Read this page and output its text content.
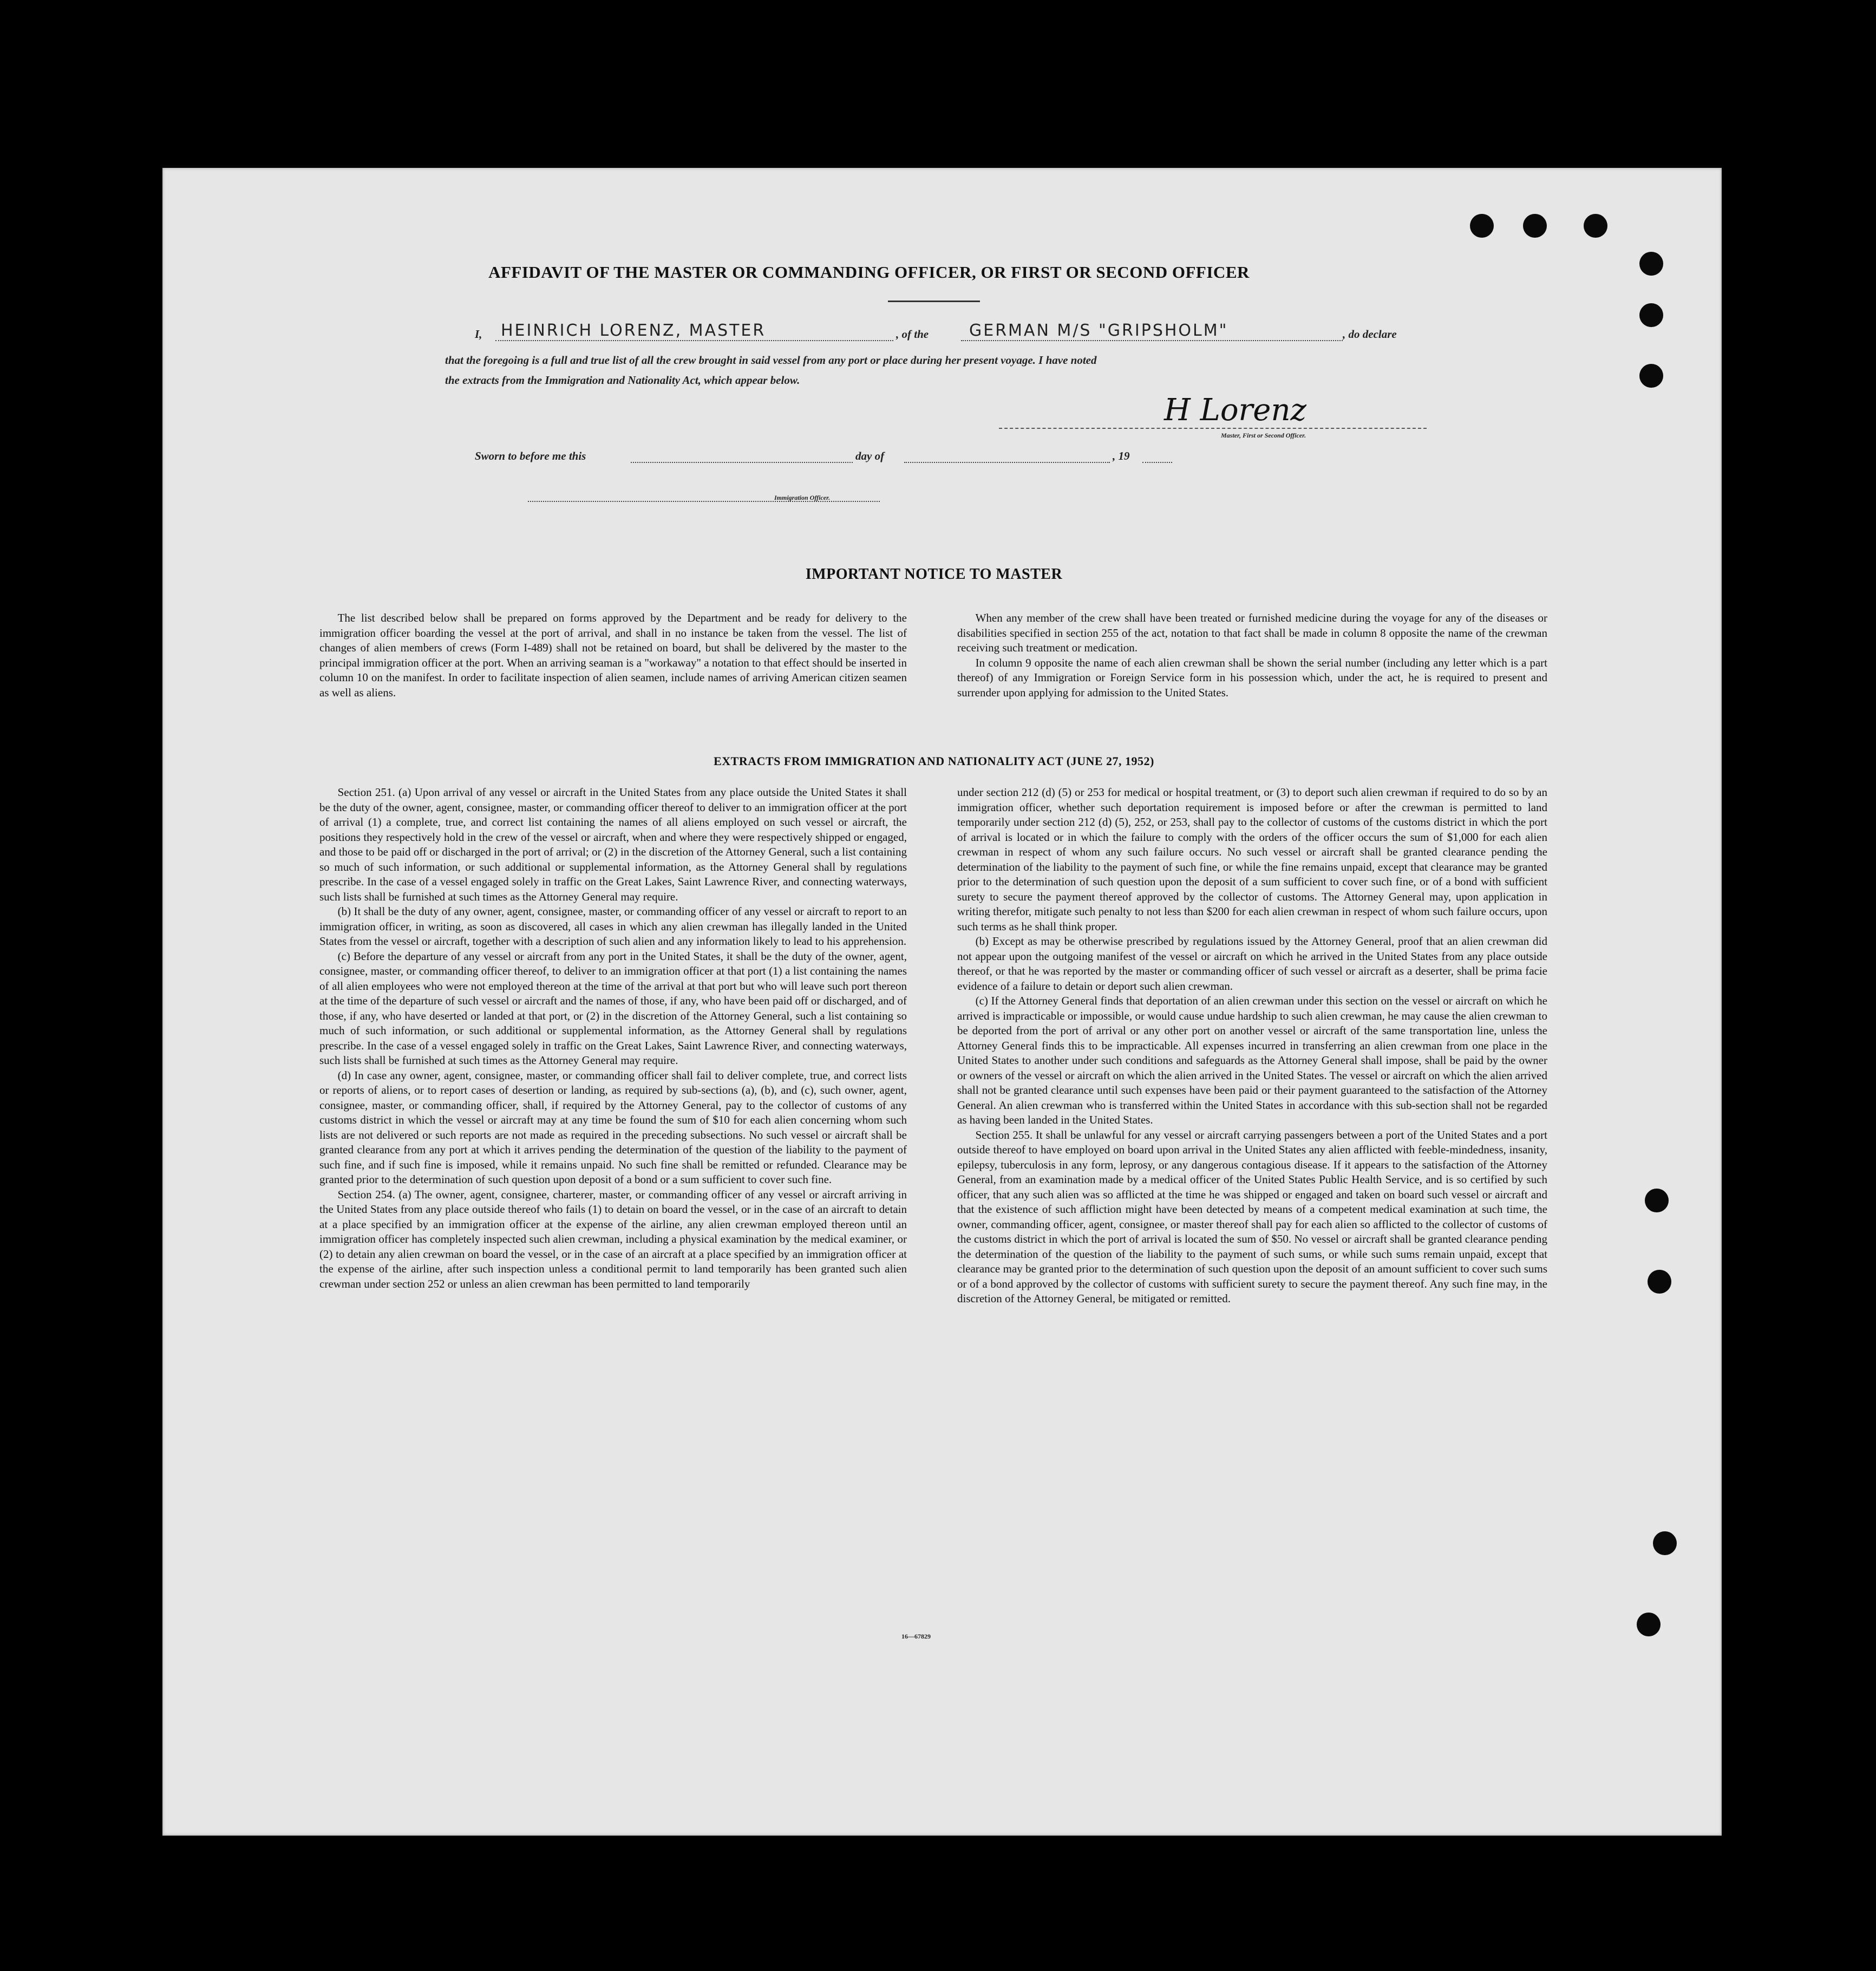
AFFIDAVIT OF THE MASTER OR COMMANDING OFFICER, OR FIRST OR SECOND OFFICER
I, HEINRICH LORENZ, MASTER	, of the GERMAN M/S "GRIPSHOLM"	, do declare
that the foregoing is a full and true list of all the crew brought in said vessel from any port or place during her present voyage. I have noted
the extracts from the Immigration and Nationality Act, which appear below.
H Lorenz
Master, First or Second Officer.
Sworn to before me this	day of	, 19
Immigration Officer.
IMPORTANT NOTICE TO MASTER

The list described below shall be prepared on forms approved by the Department and be ready for delivery to the immigration officer boarding the vessel at the port of arrival, and shall in no instance be taken from the vessel. The list of changes of alien members of crews (Form I-489) shall not be retained on board, but shall be delivered by the master to the principal immigration officer at the port. When an arriving seaman is a "workaway" a notation to that effect should be inserted in column 10 on the manifest. In order to facilitate inspection of alien seamen, include names of arriving American citizen seamen as well as aliens.

When any member of the crew shall have been treated or furnished medicine during the voyage for any of the diseases or disabilities specified in section 255 of the act, notation to that fact shall be made in column 8 opposite the name of the crewman receiving such treatment or medication.

In column 9 opposite the name of each alien crewman shall be shown the serial number (including any letter which is a part thereof) of any Immigration or Foreign Service form in his possession which, under the act, he is required to present and surrender upon applying for admission to the United States.

EXTRACTS FROM IMMIGRATION AND NATIONALITY ACT (JUNE 27, 1952)

Section 251. (a) Upon arrival of any vessel or aircraft in the United States from any place outside the United States it shall be the duty of the owner, agent, consignee, master, or commanding officer thereof to deliver to an immigration officer at the port of arrival (1) a complete, true, and correct list containing the names of all aliens employed on such vessel or aircraft, the positions they respectively hold in the crew of the vessel or aircraft, when and where they were respectively shipped or engaged, and those to be paid off or discharged in the port of arrival; or (2) in the discretion of the Attorney General, such a list containing so much of such information, or such additional or supplemental information, as the Attorney General shall by regulations prescribe. In the case of a vessel engaged solely in traffic on the Great Lakes, Saint Lawrence River, and connecting waterways, such lists shall be furnished at such times as the Attorney General may require.

(b) It shall be the duty of any owner, agent, consignee, master, or commanding officer of any vessel or aircraft to report to an immigration officer, in writing, as soon as discovered, all cases in which any alien crewman has illegally landed in the United States from the vessel or aircraft, together with a description of such alien and any information likely to lead to his apprehension.

(c) Before the departure of any vessel or aircraft from any port in the United States, it shall be the duty of the owner, agent, consignee, master, or commanding officer thereof, to deliver to an immigration officer at that port (1) a list containing the names of all alien employees who were not employed thereon at the time of the arrival at that port but who will leave such port thereon at the time of the departure of such vessel or aircraft and the names of those, if any, who have been paid off or discharged, and of those, if any, who have deserted or landed at that port, or (2) in the discretion of the Attorney General, such a list containing so much of such information, or such additional or supplemental information, as the Attorney General shall by regulations prescribe. In the case of a vessel engaged solely in traffic on the Great Lakes, Saint Lawrence River, and connecting waterways, such lists shall be furnished at such times as the Attorney General may require.

(d) In case any owner, agent, consignee, master, or commanding officer shall fail to deliver complete, true, and correct lists or reports of aliens, or to report cases of desertion or landing, as required by sub-sections (a), (b), and (c), such owner, agent, consignee, master, or commanding officer, shall, if required by the Attorney General, pay to the collector of customs of any customs district in which the vessel or aircraft may at any time be found the sum of $10 for each alien concerning whom such lists are not delivered or such reports are not made as required in the preceding subsections. No such vessel or aircraft shall be granted clearance from any port at which it arrives pending the determination of the question of the liability to the payment of such fine, and if such fine is imposed, while it remains unpaid. No such fine shall be remitted or refunded. Clearance may be granted prior to the determination of such question upon deposit of a bond or a sum sufficient to cover such fine.

Section 254. (a) The owner, agent, consignee, charterer, master, or commanding officer of any vessel or aircraft arriving in the United States from any place outside thereof who fails (1) to detain on board the vessel, or in the case of an aircraft to detain at a place specified by an immigration officer at the expense of the airline, any alien crewman employed thereon until an immigration officer has completely inspected such alien crewman, including a physical examination by the medical examiner, or (2) to detain any alien crewman on board the vessel, or in the case of an aircraft at a place specified by an immigration officer at the expense of the airline, after such inspection unless a conditional permit to land temporarily has been granted such alien crewman under section 252 or unless an alien crewman has been permitted to land temporarily

under section 212 (d) (5) or 253 for medical or hospital treatment, or (3) to deport such alien crewman if required to do so by an immigration officer, whether such deportation requirement is imposed before or after the crewman is permitted to land temporarily under section 212 (d) (5), 252, or 253, shall pay to the collector of customs of the customs district in which the port of arrival is located or in which the failure to comply with the orders of the officer occurs the sum of $1,000 for each alien crewman in respect of whom any such failure occurs. No such vessel or aircraft shall be granted clearance pending the determination of the liability to the payment of such fine, or while the fine remains unpaid, except that clearance may be granted prior to the determination of such question upon the deposit of a sum sufficient to cover such fine, or of a bond with sufficient surety to secure the payment thereof approved by the collector of customs. The Attorney General may, upon application in writing therefor, mitigate such penalty to not less than $200 for each alien crewman in respect of whom such failure occurs, upon such terms as he shall think proper.

(b) Except as may be otherwise prescribed by regulations issued by the Attorney General, proof that an alien crewman did not appear upon the outgoing manifest of the vessel or aircraft on which he arrived in the United States from any place outside thereof, or that he was reported by the master or commanding officer of such vessel or aircraft as a deserter, shall be prima facie evidence of a failure to detain or deport such alien crewman.

(c) If the Attorney General finds that deportation of an alien crewman under this section on the vessel or aircraft on which he arrived is impracticable or impossible, or would cause undue hardship to such alien crewman, he may cause the alien crewman to be deported from the port of arrival or any other port on another vessel or aircraft of the same transportation line, unless the Attorney General finds this to be impracticable. All expenses incurred in transferring an alien crewman from one place in the United States to another under such conditions and safeguards as the Attorney General shall impose, shall be paid by the owner or owners of the vessel or aircraft on which the alien arrived in the United States. The vessel or aircraft on which the alien arrived shall not be granted clearance until such expenses have been paid or their payment guaranteed to the satisfaction of the Attorney General. An alien crewman who is transferred within the United States in accordance with this sub-section shall not be regarded as having been landed in the United States.

Section 255. It shall be unlawful for any vessel or aircraft carrying passengers between a port of the United States and a port outside thereof to have employed on board upon arrival in the United States any alien afflicted with feeble-mindedness, insanity, epilepsy, tuberculosis in any form, leprosy, or any dangerous contagious disease. If it appears to the satisfaction of the Attorney General, from an examination made by a medical officer of the United States Public Health Service, and is so certified by such officer, that any such alien was so afflicted at the time he was shipped or engaged and taken on board such vessel or aircraft and that the existence of such affliction might have been detected by means of a competent medical examination at such time, the owner, commanding officer, agent, consignee, or master thereof shall pay for each alien so afflicted to the collector of customs of the customs district in which the port of arrival is located the sum of $50. No vessel or aircraft shall be granted clearance pending the determination of the question of the liability to the payment of such sums, or while such sums remain unpaid, except that clearance may be granted prior to the determination of such question upon the deposit of an amount sufficient to cover such sums or of a bond approved by the collector of customs with sufficient surety to secure the payment thereof. Any such fine may, in the discretion of the Attorney General, be mitigated or remitted.

16—67829
